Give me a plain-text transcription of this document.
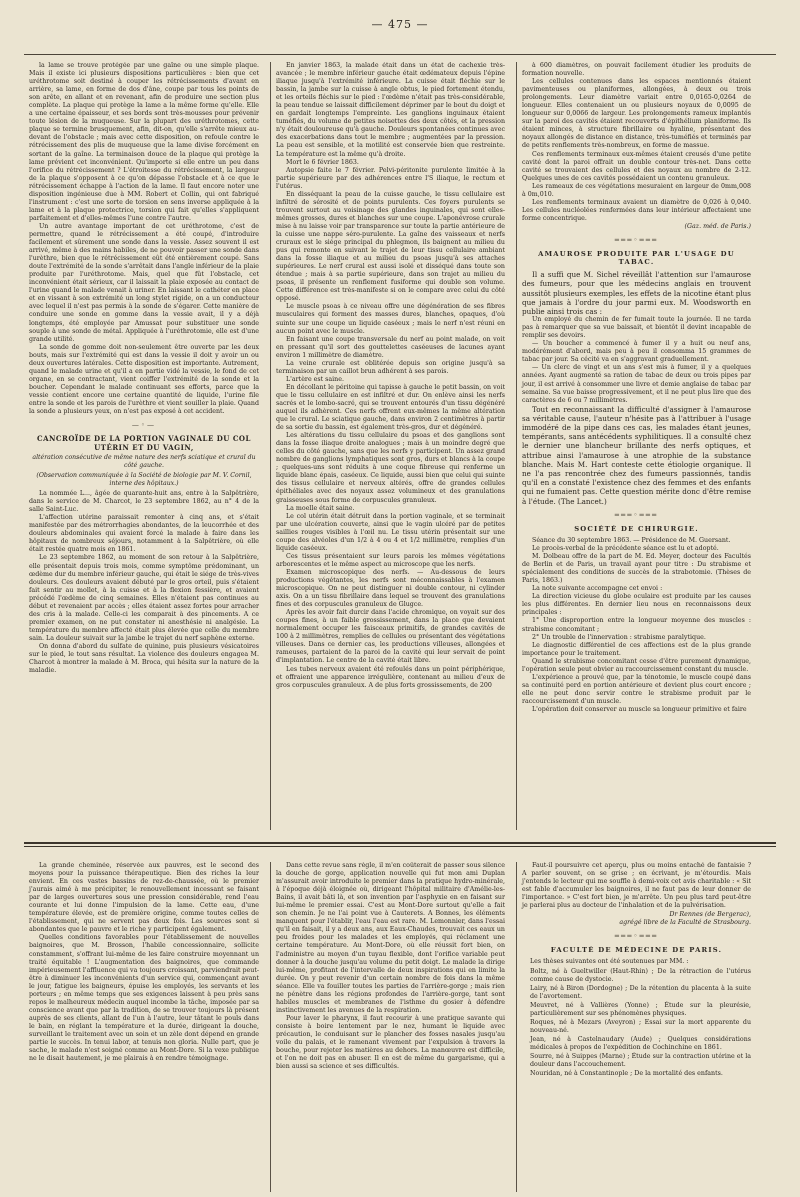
— 475 —

la lame se trouve protégée par une gaîne ou une simple plaque. Mais il existe ici plusieurs dispositions particulières : bien que cet uréthrotome soit destiné à couper les rétrécissements d'avant en arrière, sa lame, en forme de dos d'âne, coupe par tous les points de son arête, en allant et en revenant, afin de produire une section plus complète. La plaque qui protège la lame a la même forme qu'elle. Elle a une certaine épaisseur, et ses bords sont très-mousses pour prévenir toute lésion de la muqueuse. Sur la plupart des uréthrotomes, cette plaque se termine brusquement, afin, dit-on, qu'elle s'arrête mieux au-devant de l'obstacle ; mais avec cette disposition, on refoule contre le rétrécissement des plis de muqueuse que la lame divise forcément en sortant de la gaîne. La terminaison douce de la plaque qui protège la lame prévient cet inconvénient. Qu'importe si elle entre un peu dans l'orifice du rétrécissement ? L'étroitesse du rétrécissement, la largeur de la plaque s'opposent à ce qu'on dépasse l'obstacle et à ce que le rétrécissement échappe à l'action de la lame. Il faut encore noter une disposition ingénieuse due à MM. Robert et Collin, qui ont fabriqué l'instrument : c'est une sorte de torsion en sens inverse appliquée à la lame et à la plaque protectrice, torsion qui fait qu'elles s'appliquent parfaitement et d'elles-mêmes l'une contre l'autre.

Un autre avantage important de cet uréthrotome, c'est de permettre, quand le rétrécissement a été coupé, d'introduire facilement et sûrement une sonde dans la vessie. Assez souvent il est arrivé, même à des mains habiles, de ne pouvoir passer une sonde dans l'urèthre, bien que le rétrécissement eût été entièrement coupé. Sans doute l'extrémité de la sonde s'arrêtait dans l'angle inférieur de la plaie produite par l'uréthrotome. Mais, quel que fût l'obstacle, cet inconvénient était sérieux, car il laissait la plaie exposée au contact de l'urine quand le malade venait à uriner. En laissant le cathéter en place et en vissant à son extrémité un long stylet rigide, on a un conducteur avec lequel il n'est pas permis à la sonde de s'égarer. Cette manière de conduire une sonde en gomme dans la vessie avait, il y a déjà longtemps, été employée par Amussat pour substituer une sonde souple à une sonde de métal. Appliquée à l'uréthrotomie, elle est d'une grande utilité.

La sonde de gomme doit non-seulement être ouverte par les deux bouts, mais sur l'extrémité qui est dans la vessie il doit y avoir un ou deux ouvertures latérales. Cette disposition est importante. Autrement, quand le malade urine et qu'il a en partie vidé la vessie, le fond de cet organe, en se contractant, vient coiffer l'extrémité de la sonde et la boucher. Cependant le malade continuant ses efforts, parce que la vessie contient encore une certaine quantité de liquide, l'urine file entre la sonde et les parois de l'urèthre et vient souiller la plaie. Quand la sonde a plusieurs yeux, on n'est pas exposé à cet accident.

—◦—
CANCROÏDE DE LA PORTION VAGINALE DU COL UTÉRIN ET DU VAGIN,
altération consécutive de même nature des nerfs sciatique et crural du côté gauche.
(Observation communiquée à la Société de biologie par M. V. Cornil, interne des hôpitaux.)

La nommée L..., âgée de quarante-huit ans, entre à la Salpêtrière, dans le service de M. Charcot, le 23 septembre 1862, au n° 4 de la salle Saint-Luc.

L'affection utérine paraissait remonter à cinq ans, et s'était manifestée par des métrorrhagies abondantes, de la leucorrhée et des douleurs abdominales qui avaient forcé la malade à faire dans les hôpitaux de nombreux séjours, notamment à la Salpêtrière, où elle était restée quatre mois en 1861.

Le 23 septembre 1862, au moment de son retour à la Salpêtrière, elle présentait depuis trois mois, comme symptôme prédominant, un œdème dur du membre inférieur gauche, qui était le siége de très-vives douleurs. Ces douleurs avaient débuté par le gros orteil, puis s'étaient fait sentir au mollet, à la cuisse et à la flexion fessière, et avaient précédé l'œdème de cinq semaines. Elles n'étaient pas continues au début et revenaient par accès ; elles étaient assez fortes pour arracher des cris à la malade. Celle-ci les comparait à des pincements. A ce premier examen, on ne put constater ni anesthésie ni analgésie. La température du membre affecté était plus élevée que celle du membre sain. La douleur suivait sur la jambe le trajet du nerf saphène externe.

On donna d'abord du sulfate de quinine, puis plusieurs vésicatoires sur le pied, le tout sans résultat. La violence des douleurs engagea M. Charcot à montrer la malade à M. Broca, qui hésita sur la nature de la maladie.

En janvier 1863, la malade était dans un état de cachexie très-avancée ; le membre inférieur gauche était œdémateux depuis l'épine iliaque jusqu'à l'extrémité inférieure. La cuisse était fléchie sur le bassin, la jambe sur la cuisse à angle obtus, le pied fortement étendu, et les orteils fléchis sur le pied : l'œdème n'était pas très-considérable, la peau tendue se laissait difficilement déprimer par le bout du doigt et en gardait longtemps l'empreinte. Les ganglions inguinaux étaient tuméfiés, du volume de petites noisettes des deux côtés, et la pression n'y était douloureuse qu'à gauche. Douleurs spontanées continues avec des exacerbations dans tout le membre ; augmentées par la pression. La peau est sensible, et la motilité est conservée bien que restreinte. La température est la même qu'à droite.

Mort le 6 février 1863.

Autopsie faite le 7 février. Pelvi-péritonite purulente limitée à la partie supérieure par des adhérences entre l'S iliaque, le rectum et l'utérus.

En disséquant la peau de la cuisse gauche, le tissu cellulaire est infiltré de sérosité et de points purulents. Ces foyers purulents se trouvent surtout au voisinage des glandes inguinales, qui sont elles-mêmes grosses, dures et blanches sur une coupe. L'aponévrose crurale mise à nu laisse voir par transparence sur toute la partie antérieure de la cuisse une nappe séro-purulente. La gaîne des vaisseaux et nerfs cruraux est le siége principal du phlegmon, ils baignent au milieu du pus qui remonte en suivant le trajet de leur tissu cellulaire ambiant dans la fosse iliaque et au milieu du psoas jusqu'à ses attaches supérieures. Le nerf crural est aussi isolé et disséqué dans toute son étendue ; mais à sa partie supérieure, dans son trajet au milieu du psoas, il présente un renflement fusiforme qui double son volume. Cette différence est très-manifeste si on le compare avec celui du côté opposé.

Le muscle psoas à ce niveau offre une dégénération de ses fibres musculaires qui forment des masses dures, blanches, opaques, d'où suinte sur une coupe un liquide caséeux ; mais le nerf n'est réuni en aucun point avec le muscle.

En faisant une coupe transversale du nerf au point malade, on voit en pressant qu'il sort des gouttelettes caséeuses de lacunes ayant environ 1 millimètre de diamètre.

La veine crurale est oblitérée depuis son origine jusqu'à sa terminaison par un caillot brun adhérent à ses parois.

L'artère est saine.

En décollant le péritoine qui tapisse à gauche le petit bassin, on voit que le tissu cellulaire en est infiltré et dur. On enlève ainsi les nerfs sacrés et le lombo-sacré, qui se trouvent entourés d'un tissu dégénéré auquel ils adhèrent. Ces nerfs offrent eux-mêmes la même altération que le crural. Le sciatique gauche, dans environ 2 centimètres à partir de sa sortie du bassin, est également très-gros, dur et dégénéré.

Les altérations du tissu cellulaire du psoas et des ganglions sont dans la fosse iliaque droite analogues ; mais à un moindre degré que celles du côté gauche, sans que les nerfs y participent. Un assez grand nombre de ganglions lymphatiques sont gros, durs et blancs à la coupe ; quelques-uns sont réduits à une coque fibreuse qui renferme un liquide blanc épais, caséeux. Ce liquide, aussi bien que celui qui suinte des tissus cellulaire et nerveux altérés, offre de grandes cellules épithéliales avec des noyaux assez volumineux et des granulations graisseuses sous forme de corpuscules granuleux.

La moelle était saine.

Le col utérin était détruit dans la portion vaginale, et se terminait par une ulcération couverte, ainsi que le vagin ulcéré par de petites saillies rouges visibles à l'œil nu. Le tissu utérin présentait sur une coupe des alvéoles d'un 1/2 à 4 ou 4 et 1/2 millimètre, remplies d'un liquide caséeux.

Ces tissus présentaient sur leurs parois les mêmes végétations arborescentes et le même aspect au microscope que les nerfs.

Examen microscopique des nerfs. — Au-dessous de leurs productions végétantes, les nerfs sont méconnaissables à l'examen microscopique. On ne peut distinguer ni double contour, ni cylinder axis. On a un tissu fibrillaire dans lequel se trouvent des granulations fines et des corpuscules granuleux de Glugce.

Après les avoir fait durcir dans l'acide chromique, on voyait sur des coupes fines, à un faible grossissement, dans la place que devaient normalement occuper les faisceaux primitifs, de grandes cavités de 100 à 2 millimètres, remplies de cellules ou présentant des végétations villeuses. Dans ce dernier cas, les productions villeuses, allongées et rameuses, partaient de la paroi de la cavité qui leur servait de point d'implantation. Le centre de la cavité était libre.

Les tubes nerveux avaient été refoulés dans un point périphérique, et offraient une apparence irrégulière, contenant au milieu d'eux de gros corpuscules granuleux. A de plus forts grossissements, de 200

à 600 diamètres, on pouvait facilement étudier les produits de formation nouvelle.

Les cellules contenues dans les espaces mentionnés étaient pavimenteuses ou planiformes, allongées, à deux ou trois prolongements. Leur diamètre variait entre 0,0165-0,0264 de longueur. Elles contenaient un ou plusieurs noyaux de 0,0095 de longueur sur 0,0066 de largeur. Les prolongements rameux implantés sur la paroi des cavités étaient recouverts d'épithélium planiforme. Ils étaient minces, à structure fibrillaire ou hyaline, présentant des noyaux allongés de distance en distance, très-tuméfiés et terminés par de petits renflements très-nombreux, en forme de massue.

Ces renflements terminaux eux-mêmes étaient creusés d'une petite cavité dont la paroi offrait un double contour très-net. Dans cette cavité se trouvaient des cellules et des noyaux au nombre de 2-12. Quelques unes de ces cavités possédaient un contenu granuleux.

Les rameaux de ces végétations mesuraient en largeur de 0mm,008 à 0m,010.

Les renflements terminaux avaient un diamètre de 0,026 à 0,040. Les cellules nucléolées renfermées dans leur intérieur affectaient une forme concentrique.

(Gaz. méd. de Paris.)
═══◦═══
AMAUROSE PRODUITE PAR L'USAGE DU TABAC.

Il a suffi que M. Sichel réveillât l'attention sur l'amaurose des fumeurs, pour que les médecins anglais en trouvent aussitôt plusieurs exemples, les effets de la nicotine étant plus que jamais à l'ordre du jour parmi eux. M. Woodsworth en publie ainsi trois cas :

Un employé du chemin de fer fumait toute la journée. Il ne tarda pas à remarquer que sa vue baissait, et bientôt il devint incapable de remplir ses devoirs.

— Un boucher a commencé à fumer il y a huit ou neuf ans, modérément d'abord, mais peu à peu il consomma 15 grammes de tabac par jour. Sa cécité va en s'aggravant graduellement.

— Un clerc de vingt et un ans s'est mis à fumer, il y a quelques années. Ayant augmenté sa ration de tabac de deux ou trois pipes par jour, il est arrivé à consommer une livre et demie anglaise de tabac par semaine. Sa vue baisse progressivement, et il ne peut plus lire que des caractères de 6 ou 7 millimètres.

Tout en reconnaissant la difficulté d'assigner à l'amaurose sa véritable cause, l'auteur n'hésite pas à l'attribuer à l'usage immodéré de la pipe dans ces cas, les malades étant jeunes, tempérants, sans antécédents syphilitiques. Il a consulté chez le dernier une blancheur brillante des nerfs optiques, et attribue ainsi l'amaurose à une atrophie de la substance blanche. Mais M. Hart conteste cette étiologie organique. Il ne l'a pas rencontrée chez des fumeurs passionnés, tandis qu'il en a constaté l'existence chez des femmes et des enfants qui ne fumaient pas. Cette question mérite donc d'être remise à l'étude. (The Lancet.)

═══◦═══
SOCIÉTÉ DE CHIRURGIE.

Séance du 30 septembre 1863. — Présidence de M. Guersant.

Le procès-verbal de la précédente séance est lu et adopté.

M. Dolbeau offre de la part de M. Ed. Meyer, docteur des Facultés de Berlin et de Paris, un travail ayant pour titre : Du strabisme et spécialement des conditions de succès de la strabotomie. (Thèses de Paris, 1863.)

La note suivante accompagne cet envoi :

La direction vicieuse du globe oculaire est produite par les causes les plus différentes. En dernier lieu nous en reconnaissons deux principales :

1° Une disproportion entre la longueur moyenne des muscles : strabisme concomitant ;

2° Un trouble de l'innervation : strabisme paralytique.

Le diagnostic différentiel de ces affections est de la plus grande importance pour le traitement.

Quand le strabisme concomitant cesse d'être purement dynamique, l'opération seule peut obvier au raccourcissement constant du muscle.

L'expérience a prouvé que, par la ténotomie, le muscle coupé dans sa continuité perd en portion antérieure et devient plus court encore ; elle ne peut donc servir contre le strabisme produit par le raccourcissement d'un muscle.

L'opération doit conserver au muscle sa longueur primitive et faire

La grande cheminée, réservée aux pauvres, est le second des moyens pour la puissance thérapeutique. Bien des riches la leur envient. En ces vastes bassins de rez-de-chaussée, où le premier j'aurais aimé à me précipiter, le renouvellement incessant se faisant par de larges ouvertures sous une pression considérable, rend l'eau courante et lui donne l'impulsion de la lame. Cette eau, d'une température élevée, est de première origine, comme toutes celles de l'établissement, qui ne servent pas deux fois. Les sources sont si abondantes que le pauvre et le riche y participent également.

Quelles conditions favorables pour l'établissement de nouvelles baignoires, que M. Brosson, l'habile concessionnaire, sollicite constamment, s'offrant lui-même de les faire construire moyennant un traité équitable ! L'augmentation des baignoires, que commande impérieusement l'affluence qui va toujours croissant, parviendrait peut-être à diminuer les inconvénients d'un service qui, commençant avant le jour, fatigue les baigneurs, épuise les employés, les servants et les porteurs ; en même temps que ses exigences laissent à peu près sans repos le malheureux médecin auquel incombe la tâche, imposée par sa conscience avant que par la tradition, de se trouver toujours là présent auprès de ses clients, allant de l'un à l'autre, leur tâtant le pouls dans le bain, en réglant la température et la durée, dirigeant la douche, surveillant le traitement avec un soin et un zèle dont dépend en grande partie le succès. In tenui labor, at tenuis non gloria. Nulle part, que je sache, le malade n'est soigné comme au Mont-Dore. Si la vexe publique ne le disait hautement, je me plairais à en rendre témoignage.

Dans cette revue sans règle, il m'en coûterait de passer sous silence la douche de gorge, application nouvelle qui fut mon ami Duplan m'assurait avoir introduite le premier dans la pratique hydro-minérale, à l'époque déjà éloignée où, dirigeant l'hôpital militaire d'Amélie-les-Bains, il avait bâti là, et son invention par l'asphyxie en en faisant sur lui-même le premier essai. C'est au Mont-Dore surtout qu'elle a fait son chemin. Je ne l'ai point vue à Cauterets. A Bonnes, les éléments manquent pour l'établir, l'eau l'eau est rare. M. Lemonnier, dans l'essai qu'il en faisait, il y a deux ans, aux Eaux-Chaudes, trouvait ces eaux un peu froides pour les malades et les employés, qui réclament une certaine température. Au Mont-Dore, où elle réussit fort bien, on l'administre au moyen d'un tuyau flexible, dont l'orifice variable peut donner à la douche jusqu'au volume du petit doigt. Le malade la dirige lui-même, profitant de l'intervalle de deux inspirations qui en limite la durée. On y peut revenir d'un certain nombre de fois dans la même séance. Elle va fouiller toutes les parties de l'arrière-gorge ; mais rien ne pénètre dans les régions profondes de l'arrière-gorge, tant sont habiles muscles et membranes de l'isthme du gosier à défendre instinctivement les avenues de la respiration.

Pour laver le pharynx, il faut recourir à une pratique savante qui consiste à boire lentement par le nez, humant le liquide avec précaution, le conduisant sur le plancher des fosses nasales jusqu'au voile du palais, et le ramenant vivement par l'expulsion à travers la bouche, pour rejeter les matières au dehors. La manœuvre est difficile, et l'on ne doit pas en abuser. Il en est de même du gargarisme, qui a bien aussi sa science et ses difficultés.

Faut-il poursuivre cet aperçu, plus ou moins entaché de fantaisie ? A parler souvent, on se grise ; en écrivant, je m'étourdis. Mais j'entends le lecteur qui me souffle à demi-voix cet avis charitable : « Sit est fable d'accumuler les baignoires, il ne faut pas de leur donner de l'importance. » C'est fort bien, je m'arrête. Un peu plus tard peut-être je parlerai plus au docteur de l'inhalation et de la pulvérisation.

Dr Rennes (de Bergerac),
agrégé libre de la Faculté de Strasbourg.
═══◦═══
FACULTÉ DE MÉDECINE DE PARIS.

Les thèses suivantes ont été soutenues par MM. :

Boltz, né à Gueltwiller (Haut-Rhin) ; De la rétraction de l'utérus comme cause de dystocie.

Lairy, né à Biron (Dordogne) ; De la rétention du placenta à la suite de l'avortement.

Meuvret, né à Vallières (Yonne) ; Étude sur la pleurésie, particulièrement sur ses phénomènes physiques.

Roques, né à Mezars (Aveyron) ; Essai sur la mort apparente du nouveau-né.

Jean, né à Castelnaudary (Aude) ; Quelques considérations médicales à propos de l'expédition de Cochinchine en 1861.

Sourre, né à Suippes (Marne) ; Étude sur la contraction utérine et la douleur dans l'accouchement.

Nouridan, né à Constantinople ; De la mortalité des enfants.
